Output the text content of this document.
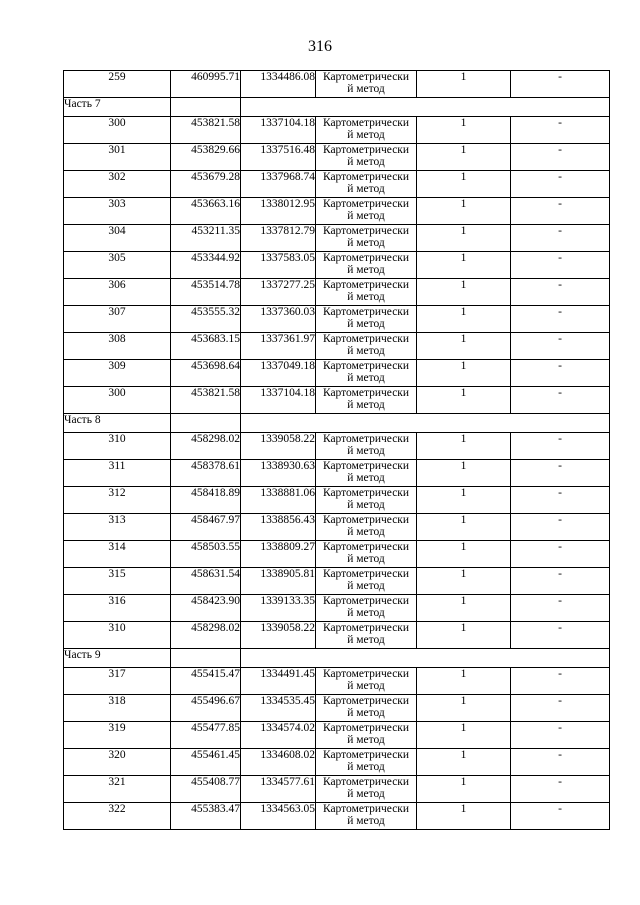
316
259	460995.71	1334486.08	Картометрически
й метод	1	-
Часть 7					
300	453821.58	1337104.18	Картометрически
й метод	1	-
301	453829.66	1337516.48	Картометрически
й метод	1	-
302	453679.28	1337968.74	Картометрически
й метод	1	-
303	453663.16	1338012.95	Картометрически
й метод	1	-
304	453211.35	1337812.79	Картометрически
й метод	1	-
305	453344.92	1337583.05	Картометрически
й метод	1	-
306	453514.78	1337277.25	Картометрически
й метод	1	-
307	453555.32	1337360.03	Картометрически
й метод	1	-
308	453683.15	1337361.97	Картометрически
й метод	1	-
309	453698.64	1337049.18	Картометрически
й метод	1	-
300	453821.58	1337104.18	Картометрически
й метод	1	-
Часть 8					
310	458298.02	1339058.22	Картометрически
й метод	1	-
311	458378.61	1338930.63	Картометрически
й метод	1	-
312	458418.89	1338881.06	Картометрически
й метод	1	-
313	458467.97	1338856.43	Картометрически
й метод	1	-
314	458503.55	1338809.27	Картометрически
й метод	1	-
315	458631.54	1338905.81	Картометрически
й метод	1	-
316	458423.90	1339133.35	Картометрически
й метод	1	-
310	458298.02	1339058.22	Картометрически
й метод	1	-
Часть 9					
317	455415.47	1334491.45	Картометрически
й метод	1	-
318	455496.67	1334535.45	Картометрически
й метод	1	-
319	455477.85	1334574.02	Картометрически
й метод	1	-
320	455461.45	1334608.02	Картометрически
й метод	1	-
321	455408.77	1334577.61	Картометрически
й метод	1	-
322	455383.47	1334563.05	Картометрически
й метод	1	-
